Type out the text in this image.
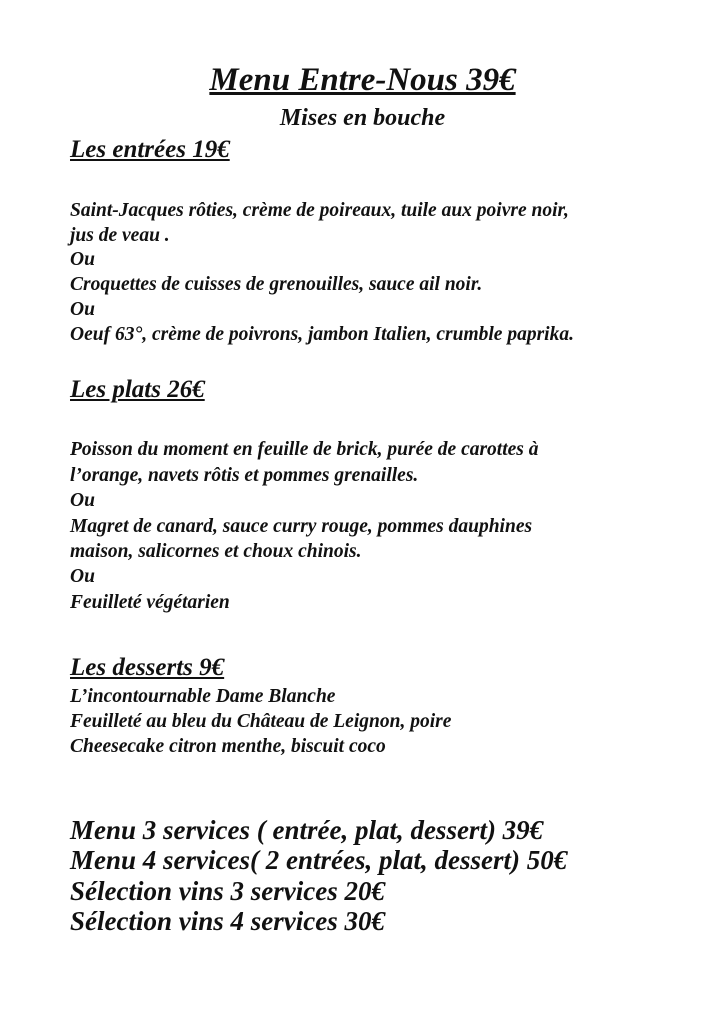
Menu Entre-Nous 39€
Mises en bouche
Les entrées 19€
Saint-Jacques rôties, crème de poireaux, tuile aux poivre noir,
jus de veau .
Ou
Croquettes de cuisses de grenouilles, sauce ail noir.
Ou
Oeuf 63°, crème de poivrons, jambon Italien, crumble paprika.
Les plats 26€
Poisson du moment en feuille de brick, purée de carottes à
l’orange, navets rôtis et pommes grenailles.
Ou
Magret de canard, sauce curry rouge, pommes dauphines
maison, salicornes et choux chinois.
Ou
Feuilleté végétarien
Les desserts 9€
L’incontournable Dame Blanche
Feuilleté au bleu du Château de Leignon, poire
Cheesecake citron menthe, biscuit coco
Menu 3 services ( entrée, plat, dessert) 39€
Menu 4 services( 2 entrées, plat, dessert) 50€
Sélection vins 3 services 20€
Sélection vins 4 services 30€
